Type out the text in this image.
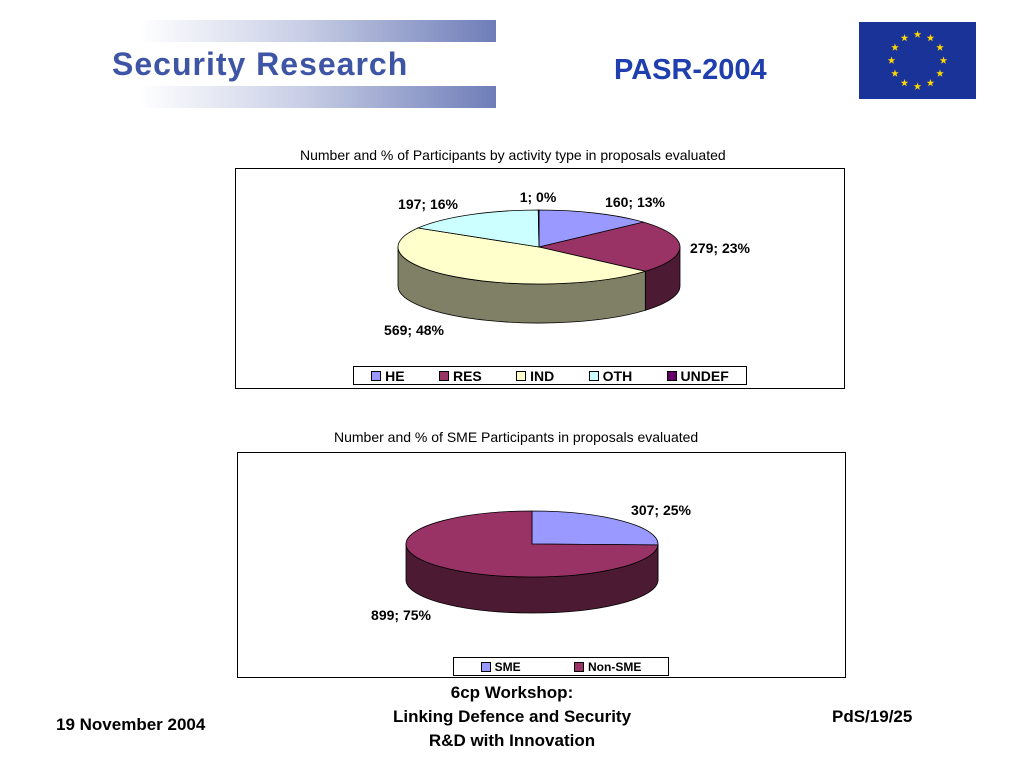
Security Research	PASR-2004
Number and % of Participants by activity type in proposals evaluated
160; 13%
279; 23%
569; 48%
197; 16%	1; 0%
HE	RES	IND	OTH	UNDEF
Number and % of SME Participants in proposals evaluated
307; 25%
899; 75%
SME	Non-SME
6cp Workshop:
Linking Defence and Security
R&D with Innovation
19 November 2004	PdS/19/25
